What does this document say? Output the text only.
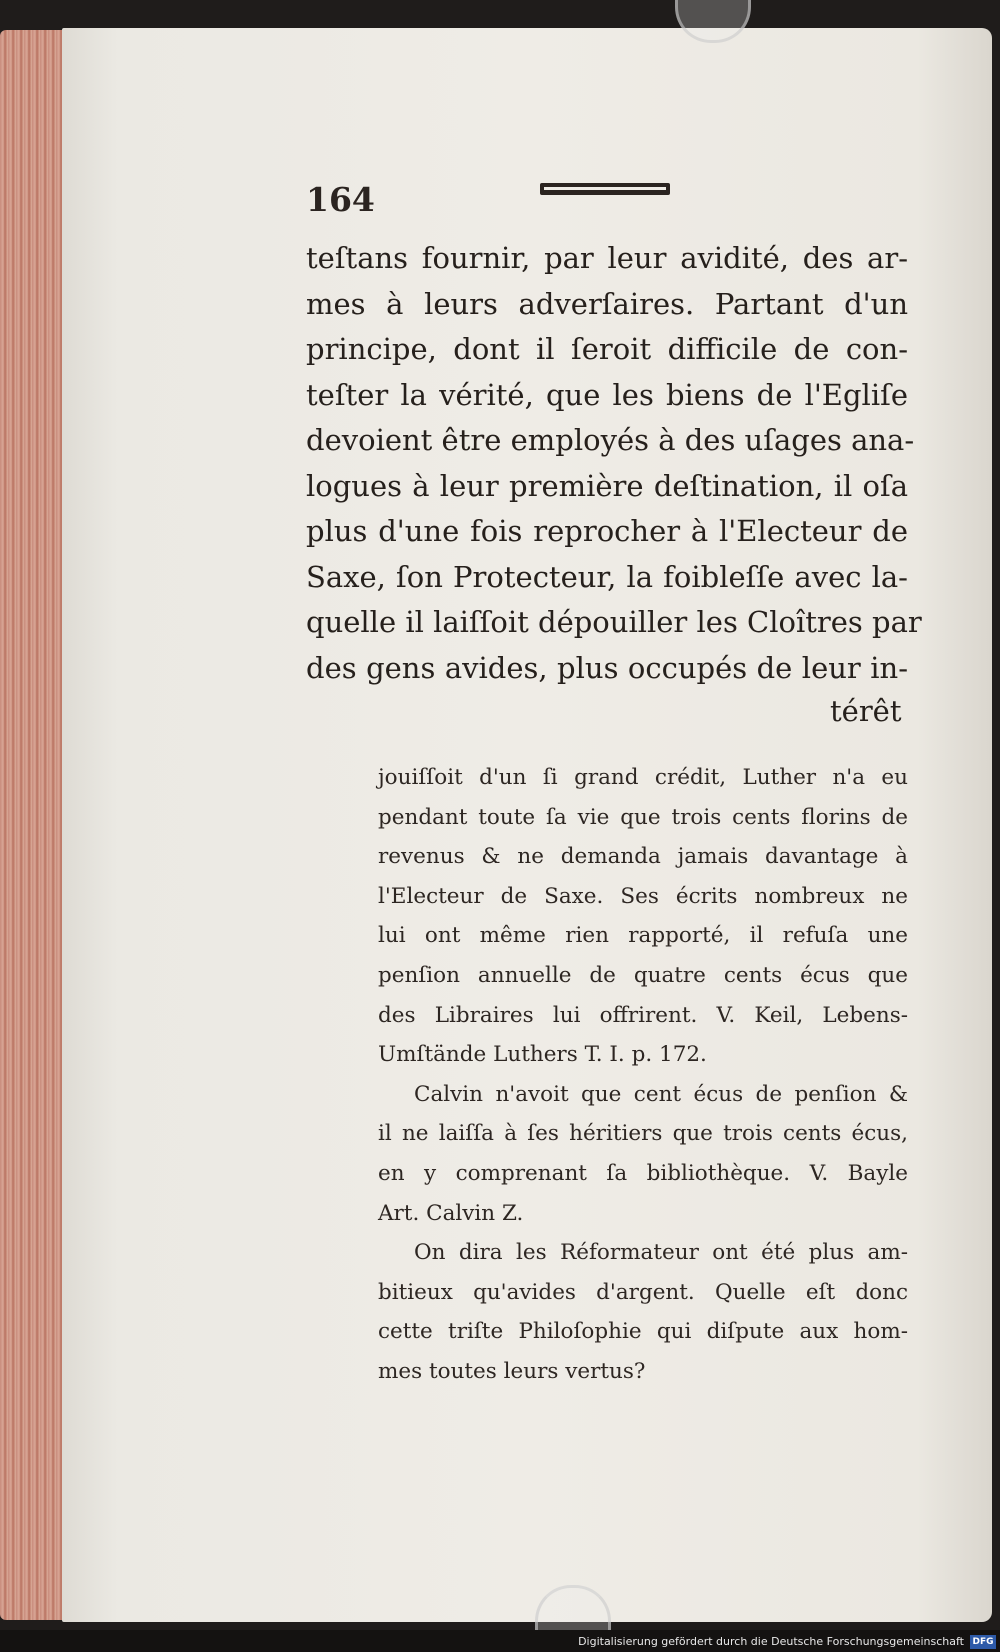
164
teſtans fournir, par leur avidité, des ar-
mes à leurs adverſaires. Partant d'un
principe, dont il ſeroit difficile de con-
teſter la vérité, que les biens de l'Egliſe
devoient être employés à des uſages ana-
logues à leur première deſtination, il oſa
plus d'une fois reprocher à l'Electeur de
Saxe, ſon Protecteur, la foibleſſe avec la-
quelle il laiſſoit dépouiller les Cloîtres par
des gens avides, plus occupés de leur in-
térêt
jouiſſoit d'un ſi grand crédit, Luther n'a eu
pendant toute ſa vie que trois cents florins de
revenus & ne demanda jamais davantage à
l'Electeur de Saxe. Ses écrits nombreux ne
lui ont même rien rapporté, il refuſa une
penſion annuelle de quatre cents écus que
des Libraires lui offrirent. V. Keil, Lebens-
Umſtände Luthers T. I. p. 172.
Calvin n'avoit que cent écus de penſion &
il ne laiſſa à ſes héritiers que trois cents écus,
en y comprenant ſa bibliothèque. V. Bayle
Art. Calvin Z.
On dira les Réformateur ont été plus am-
bitieux qu'avides d'argent. Quelle eſt donc
cette triſte Philoſophie qui diſpute aux hom-
mes toutes leurs vertus?
Digitalisierung gefördert durch die Deutsche Forschungsgemeinschaft DFG
